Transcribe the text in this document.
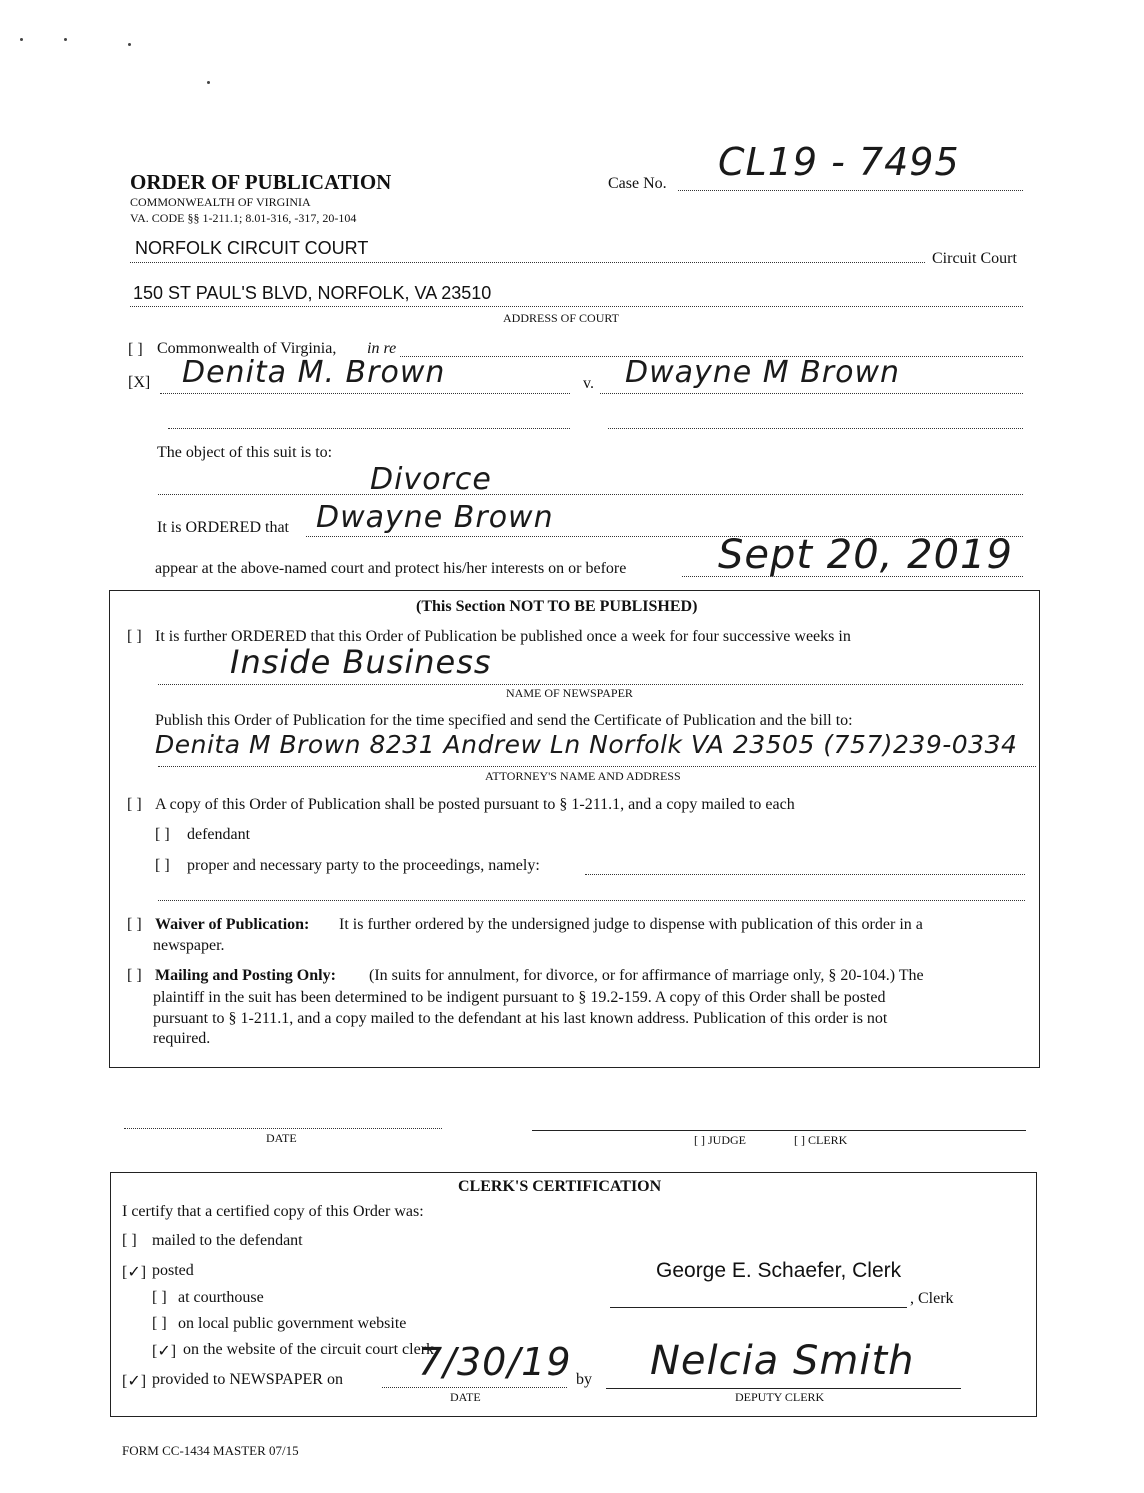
ORDER OF PUBLICATION
COMMONWEALTH OF VIRGINIA
VA. CODE §§ 1-211.1; 8.01-316, -317, 20-104
Case No. CL19 - 7495
NORFOLK CIRCUIT COURT
Circuit Court
150 ST PAUL'S BLVD, NORFOLK, VA 23510
ADDRESS OF COURT
[ ] Commonwealth of Virginia, in re
[X] Denita M. Brown	v. Dwayne M Brown
The object of this suit is to:
Divorce
It is ORDERED that Dwayne Brown
appear at the above-named court and protect his/her interests on or before Sept 20, 2019
(This Section NOT TO BE PUBLISHED)
[ ] It is further ORDERED that this Order of Publication be published once a week for four successive weeks in
Inside Business
NAME OF NEWSPAPER
Publish this Order of Publication for the time specified and send the Certificate of Publication and the bill to:
Denita M Brown 8231 Andrew Ln Norfolk VA 23505 (757)239-0334
ATTORNEY'S NAME AND ADDRESS
[ ] A copy of this Order of Publication shall be posted pursuant to § 1-211.1, and a copy mailed to each
[ ] defendant
[ ] proper and necessary party to the proceedings, namely:
[ ] Waiver of Publication: It is further ordered by the undersigned judge to dispense with publication of this order in a
newspaper.
[ ] Mailing and Posting Only: (In suits for annulment, for divorce, or for affirmance of marriage only, § 20-104.) The
plaintiff in the suit has been determined to be indigent pursuant to § 19.2-159. A copy of this Order shall be posted
pursuant to § 1-211.1, and a copy mailed to the defendant at his last known address. Publication of this order is not
required.
DATE	[ ] JUDGE	[ ] CLERK
CLERK'S CERTIFICATION
I certify that a certified copy of this Order was:
[ ] mailed to the defendant
[✓] posted	George E. Schaefer, Clerk
, Clerk
[ ] at courthouse
[ ] on local public government website
[✓] on the website of the circuit court clerk
[✓] provided to NEWSPAPER on 7/30/19
DATE
by Nelcia Smith
DEPUTY CLERK
FORM CC-1434 MASTER 07/15
